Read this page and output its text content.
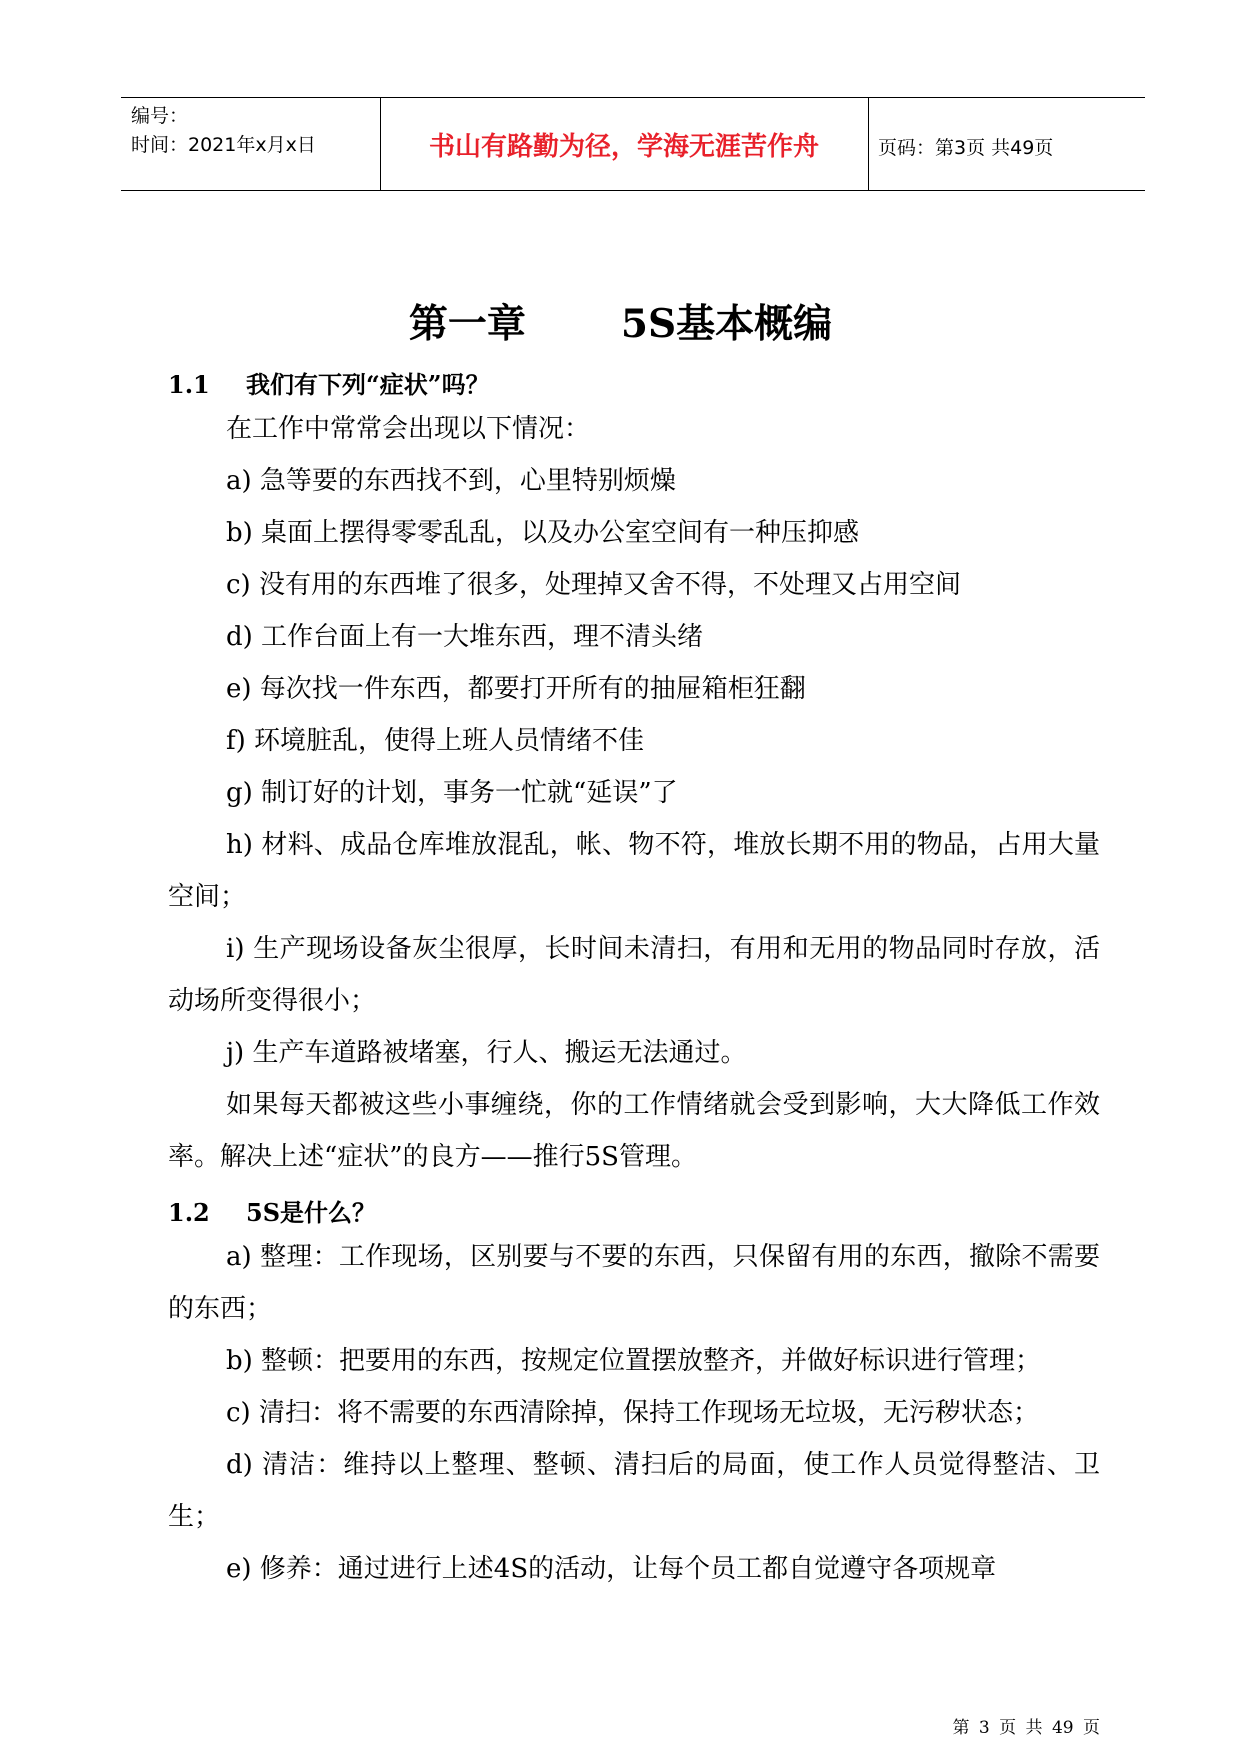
编号：
时间：2021年x月x日	书山有路勤为径，学海无涯苦作舟	页码：第3页 共49页
第一章       5S基本概编
1.1 我们有下列“症状”吗？
在工作中常常会出现以下情况：
a) 急等要的东西找不到，心里特别烦燥
b) 桌面上摆得零零乱乱，以及办公室空间有一种压抑感
c) 没有用的东西堆了很多，处理掉又舍不得，不处理又占用空间
d) 工作台面上有一大堆东西，理不清头绪
e) 每次找一件东西，都要打开所有的抽屉箱柜狂翻
f) 环境脏乱，使得上班人员情绪不佳
g) 制订好的计划，事务一忙就“延误”了
h) 材料、成品仓库堆放混乱，帐、物不符，堆放长期不用的物品，占用大量空间；
i) 生产现场设备灰尘很厚，长时间未清扫，有用和无用的物品同时存放，活动场所变得很小；
j) 生产车道路被堵塞，行人、搬运无法通过。
如果每天都被这些小事缠绕，你的工作情绪就会受到影响，大大降低工作效率。解决上述“症状”的良方——推行5S管理。
1.2 5S是什么？
a) 整理：工作现场，区别要与不要的东西，只保留有用的东西，撤除不需要的东西；
b) 整顿：把要用的东西，按规定位置摆放整齐，并做好标识进行管理；
c) 清扫：将不需要的东西清除掉，保持工作现场无垃圾，无污秽状态；
d) 清洁：维持以上整理、整顿、清扫后的局面，使工作人员觉得整洁、卫生；
e) 修养：通过进行上述4S的活动，让每个员工都自觉遵守各项规章
第 3 页 共 49 页
